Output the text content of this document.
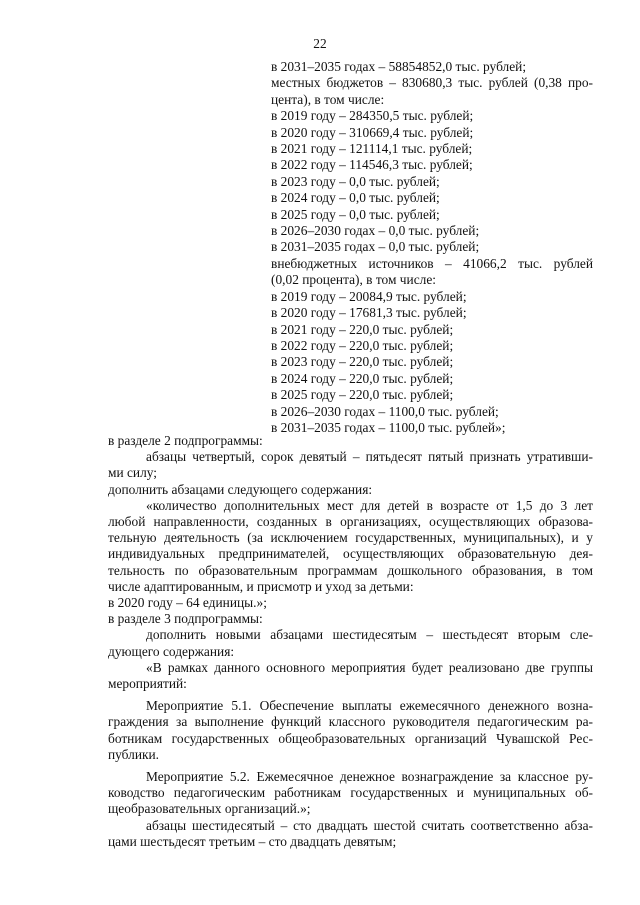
22
в 2031–2035 годах – 58854852,0 тыс. рублей;
местных бюджетов – 830680,3 тыс. рублей (0,38 про-
цента), в том числе:
в 2019 году – 284350,5 тыс. рублей;
в 2020 году – 310669,4 тыс. рублей;
в 2021 году – 121114,1 тыс. рублей;
в 2022 году – 114546,3 тыс. рублей;
в 2023 году – 0,0 тыс. рублей;
в 2024 году – 0,0 тыс. рублей;
в 2025 году – 0,0 тыс. рублей;
в 2026–2030 годах – 0,0 тыс. рублей;
в 2031–2035 годах – 0,0 тыс. рублей;
внебюджетных источников – 41066,2 тыс. рублей
(0,02 процента), в том числе:
в 2019 году – 20084,9 тыс. рублей;
в 2020 году – 17681,3 тыс. рублей;
в 2021 году – 220,0 тыс. рублей;
в 2022 году – 220,0 тыс. рублей;
в 2023 году – 220,0 тыс. рублей;
в 2024 году – 220,0 тыс. рублей;
в 2025 году – 220,0 тыс. рублей;
в 2026–2030 годах – 1100,0 тыс. рублей;
в 2031–2035 годах – 1100,0 тыс. рублей»;
в разделе 2 подпрограммы:
абзацы четвертый, сорок девятый – пятьдесят пятый признать утративши-
ми силу;
дополнить абзацами следующего содержания:
«количество дополнительных мест для детей в возрасте от 1,5 до 3 лет
любой направленности, созданных в организациях, осуществляющих образова-
тельную деятельность (за исключением государственных, муниципальных), и у
индивидуальных предпринимателей, осуществляющих образовательную дея-
тельность по образовательным программам дошкольного образования, в том
числе адаптированным, и присмотр и уход за детьми:
в 2020 году – 64 единицы.»;
в разделе 3 подпрограммы:
дополнить новыми абзацами шестидесятым – шестьдесят вторым сле-
дующего содержания:
«В рамках данного основного мероприятия будет реализовано две группы
мероприятий:
Мероприятие 5.1. Обеспечение выплаты ежемесячного денежного возна-
граждения за выполнение функций классного руководителя педагогическим ра-
ботникам государственных общеобразовательных организаций Чувашской Рес-
публики.
Мероприятие 5.2. Ежемесячное денежное вознаграждение за классное ру-
ководство педагогическим работникам государственных и муниципальных об-
щеобразовательных организаций.»;
абзацы шестидесятый – сто двадцать шестой считать соответственно абза-
цами шестьдесят третьим – сто двадцать девятым;
